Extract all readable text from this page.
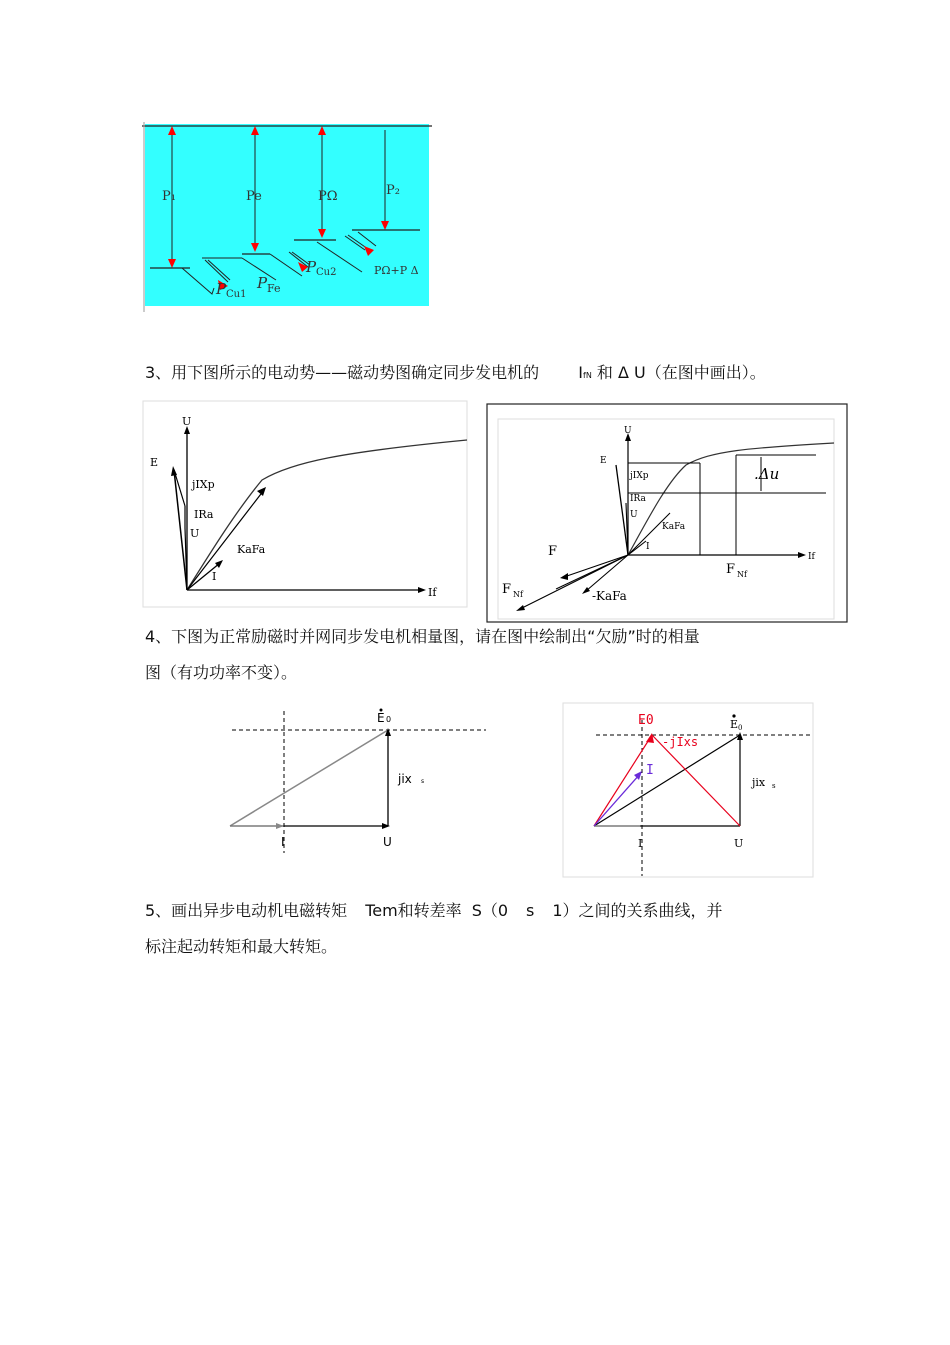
P₁	Pe	PΩ	P₂
P Cu1
P Fe
P Cu2	PΩ+P Δ
3、用下图所示的电动势——磁动势图确定同步发电机的 IfN 和 Δ U（在图中画出）。
U
E
jIXp
IRa
U
KaFa
I
If
U
E
jIXp
IRa
U
KaFa
I
If
.Δu
F
F Nf
F Nf
-KaFa
4、下图为正常励磁时并网同步发电机相量图，请在图中绘制出“欠励”时的相量
图（有功功率不变）。
E 0
jix s
I	U
E0
-jIxs
I
E 0
jix s
I	U
5、画出异步电动机电磁转矩 Tem和转差率 S（0 s 1）之间的关系曲线，并
标注起动转矩和最大转矩。
